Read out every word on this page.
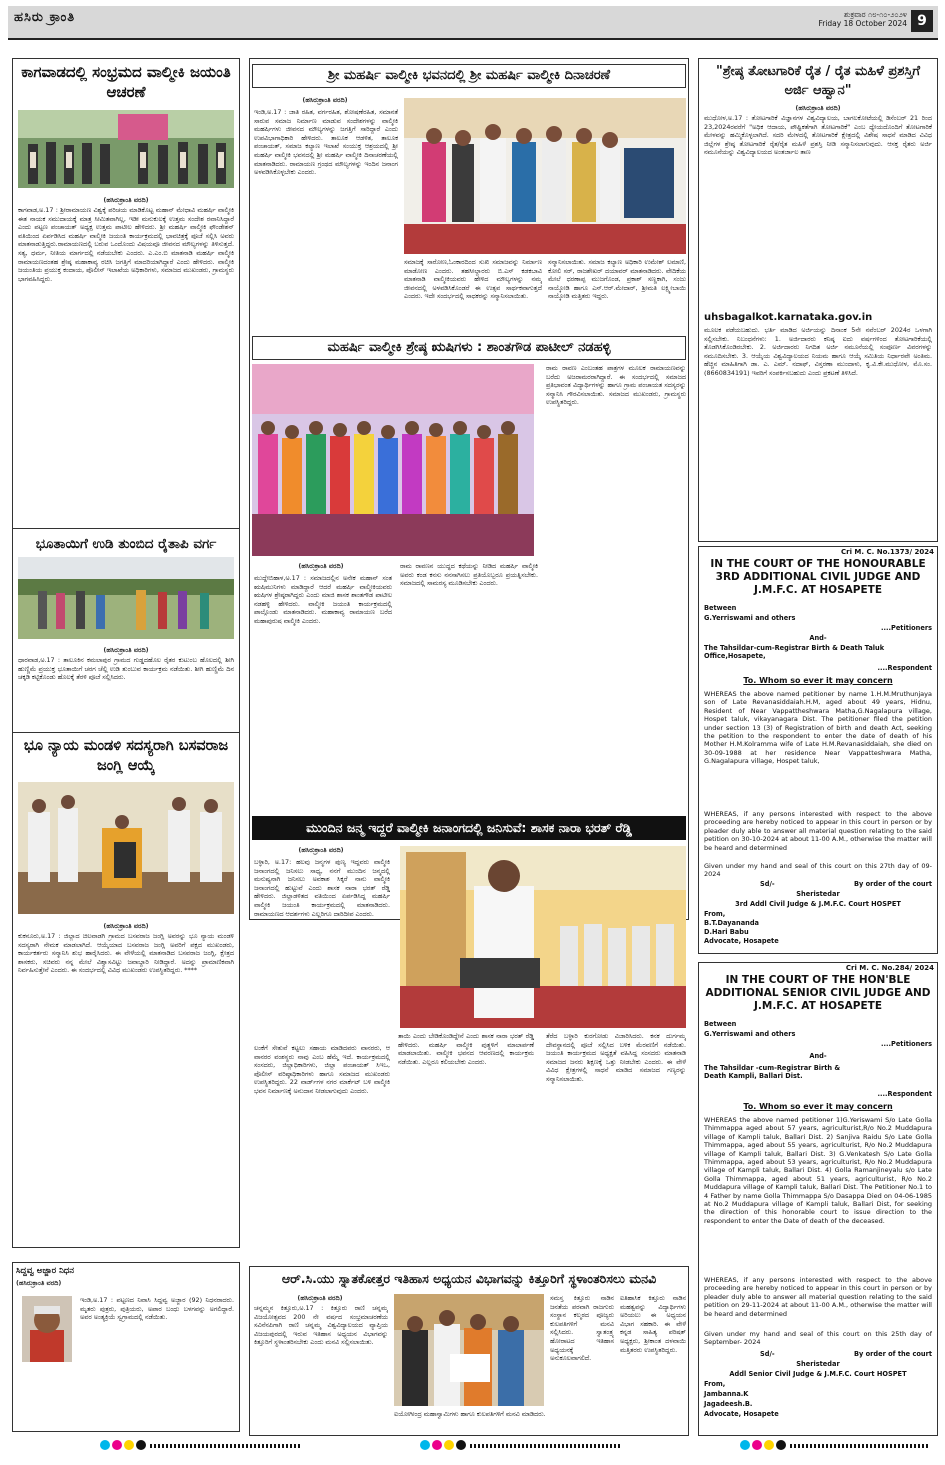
ಹಸಿರು ಕ್ರಾಂತಿ	ಶುಕ್ರವಾರ ೧೮-೧೦-೨೦೨೪
Friday 18 October 2024 9
ಕಾಗವಾಡದಲ್ಲಿ ಸಂಭ್ರಮದ ವಾಲ್ಮೀಕಿ ಜಯಂತಿ ಆಚರಣೆ
(ಹಸಿರುಕ್ರಾಂತಿ ವರದಿ)
ಕಾಗವಾಡ,ಅ.17 : ಶ್ರೀರಾಮಾಯಣ ವಿಶ್ವಕ್ಕೆ ಪರಿಚಯ ಮಾಡಿಕೊಟ್ಟ ಮಹಾನ್ ಮೇಧಾವಿ ಮಹರ್ಷಿ ವಾಲ್ಮೀಕಿ ಈತ ನಾಯಕ ಸಮುದಾಯಕ್ಕೆ ಮಾತ್ರ ಸೀಮಿತವಾಗಿಲ್ಲ, ಇಡೀ ಮನುಕುಲಕ್ಕೆ ಉತ್ತಮ ಸಂದೇಶ ರವಾನಿಸಿದ್ದಾರೆ ಎಂದು ಪಟ್ಟಣ ಪಂಚಾಯತ್ ಅಧ್ಯಕ್ಷ ಉತ್ತಮ ಪಾಟೀಲ ಹೇಳಿದರು. ಶ್ರೀ ಮಹರ್ಷಿ ವಾಲ್ಮೀಕಿ ಫೌಂಡೇಶನ್ ವತಿಯಿಂದ ಏರ್ಪಡಿಸಿದ ಮಹರ್ಷಿ ವಾಲ್ಮೀಕಿ ಜಯಂತಿ ಕಾರ್ಯಕ್ರಮದಲ್ಲಿ ಭಾವಚಿತ್ರಕ್ಕೆ ಪೂಜೆ ಸಲ್ಲಿಸಿ ಅವರು ಮಾತನಾಡುತ್ತಿದ್ದರು.ರಾಮಾಯಣದಲ್ಲಿ ಬರುವ ಒಂದೊಂದು ವಿಷಯವೂ ಜೀವನದ ಮೌಲ್ಯಗಳನ್ನು ತಿಳಿಸುತ್ತದೆ. ಸತ್ಯ, ಧರ್ಮ, ನೀತಿಯ ಮಾರ್ಗದಲ್ಲಿ ನಡೆಯಬೇಕು ಎಂದರು. ಎ.ಎಂ.ಬಿ ಮಾತನಾಡಿ ಮಹರ್ಷಿ ವಾಲ್ಮೀಕಿ ರಾಮಾಯಣದಂತಹ ಶ್ರೇಷ್ಠ ಮಹಾಕಾವ್ಯ ರಚಿಸಿ ಜಗತ್ತಿಗೆ ಮಾದರಿಯಾಗಿದ್ದಾರೆ ಎಂದು ಹೇಳಿದರು. ವಾಲ್ಮೀಕಿ ಜಯಂತಿಯ ಪ್ರಯುಕ್ತ ಕಂದಾಯ, ಪೊಲೀಸ್ ಇಲಾಖೆಯ ಅಧಿಕಾರಿಗಳು, ಸಮಾಜದ ಮುಖಂಡರು, ಗ್ರಾಮಸ್ಥರು ಭಾಗವಹಿಸಿದ್ದರು.
ಭೂತಾಯಿಗೆ ಉಡಿ ತುಂಬಿದ ರೈತಾಪಿ ವರ್ಗ
(ಹಸಿರುಕ್ರಾಂತಿ ವರದಿ)
ಧಾರವಾಡ,ಅ.17 : ತಾಲೂಕಿನ ಕಮಲಾಪುರ ಗ್ರಾಮದ ಗುಡ್ಡದಹೊಲ ರೈತರ ಕುಟುಂಬ ಹೊಲದಲ್ಲಿ ಶೀಗಿ ಹುಣ್ಣಿಮೆ ಪ್ರಯುಕ್ತ ಭೂತಾಯಿಗೆ ಚರಗ ಚೆಲ್ಲಿ ಉಡಿ ತುಂಬುವ ಕಾರ್ಯಕ್ರಮ ನಡೆಯಿತು. ಶೀಗಿ ಹುಣ್ಣಿಮೆ ದಿನ ಚಕ್ಕಡಿ ಕಟ್ಟಿಕೊಂಡು ಹೊಲಕ್ಕೆ ತೆರಳಿ ಪೂಜೆ ಸಲ್ಲಿಸಿದರು.
ಭೂ ನ್ಯಾಯ ಮಂಡಳಿ ಸದಸ್ಯರಾಗಿ ಬಸವರಾಜ ಜಂಗ್ಲಿ ಆಯ್ಕೆ
(ಹಸಿರುಕ್ರಾಂತಿ ವರದಿ)
ಕುಕನೂರು,ಅ.17 : ಜಿಲ್ಲಾದ ಚಿಲವಾಡಗಿ ಗ್ರಾಮದ ಬಸವರಾಜ ಜಂಗ್ಲಿ ಅವರನ್ನು ಭೂ ನ್ಯಾಯ ಮಂಡಳಿ ಸದಸ್ಯರಾಗಿ ನೇಮಕ ಮಾಡಲಾಗಿದೆ. ಆಯ್ಕೆಯಾದ ಬಸವರಾಜ ಜಂಗ್ಲಿ ಅವರಿಗೆ ಪಕ್ಷದ ಮುಖಂಡರು, ಕಾರ್ಯಕರ್ತರು ಸನ್ಮಾನಿಸಿ ಶುಭ ಹಾರೈಸಿದರು. ಈ ವೇಳೆಯಲ್ಲಿ ಮಾತನಾಡಿದ ಬಸವರಾಜ ಜಂಗ್ಲಿ, ಕ್ಷೇತ್ರದ ಶಾಸಕರು, ಸಚಿವರು ನನ್ನ ಮೇಲೆ ವಿಶ್ವಾಸವಿಟ್ಟು ಜವಾಬ್ದಾರಿ ನೀಡಿದ್ದಾರೆ. ಅದನ್ನು ಪ್ರಾಮಾಣಿಕವಾಗಿ ನಿರ್ವಹಿಸುತ್ತೇನೆ ಎಂದರು. ಈ ಸಂದರ್ಭದಲ್ಲಿ ವಿವಿಧ ಮುಖಂಡರು ಉಪಸ್ಥಿತರಿದ್ದರು. ****
ಸಿದ್ದವ್ವ ಅಜ್ಜಾರ ನಿಧನ
(ಹಸಿರುಕ್ರಾಂತಿ ವರದಿ)
ಇಂಡಿ,ಅ.17 : ಪಟ್ಟಣದ ನಿವಾಸಿ ಸಿದ್ದವ್ವ ಅಜ್ಜಾರ (92) ನಿಧನರಾದರು. ಮೃತರು ಪುತ್ರರು, ಪುತ್ರಿಯರು, ಅಪಾರ ಬಂಧು ಬಳಗವನ್ನು ಅಗಲಿದ್ದಾರೆ. ಅವರ ಅಂತ್ಯಕ್ರಿಯೆ ಸ್ವಗ್ರಾಮದಲ್ಲಿ ನಡೆಯಿತು.
ಶ್ರೀ ಮಹರ್ಷಿ ವಾಲ್ಮೀಕಿ ಭವನದಲ್ಲಿ ಶ್ರೀ ಮಹರ್ಷಿ ವಾಲ್ಮೀಕಿ ದಿನಾಚರಣೆ
(ಹಸಿರುಕ್ರಾಂತಿ ವರದಿ)
ಇಂಡಿ,ಅ.17 : ಜಾತಿ ರಹಿತ, ವರ್ಗರಹಿತ, ಶೋಷಣೆರಹಿತ, ಸಮಾನತೆ ಸಾರುವ ಸಮಾಜ ನಿರ್ಮಾಣ ಮಾಡುವ ಸಂದೇಶಗಳನ್ನು ವಾಲ್ಮೀಕಿ ಮಹರ್ಷಿಗಳು ಜೀವನದ ಮೌಲ್ಯಗಳನ್ನು ಜಗತ್ತಿಗೆ ಸಾರಿದ್ದಾರೆ ಎಂದು ಉಪವಿಭಾಗಾಧಿಕಾರಿ ಹೇಳಿದರು. ತಾಲೂಕ ಆಡಳಿತ, ತಾಲೂಕ ಪಂಚಾಯತ್, ಸಮಾಜ ಕಲ್ಯಾಣ ಇಲಾಖೆ ಸಂಯುಕ್ತ ಆಶ್ರಯದಲ್ಲಿ ಶ್ರೀ ಮಹರ್ಷಿ ವಾಲ್ಮೀಕಿ ಭವನದಲ್ಲಿ ಶ್ರೀ ಮಹರ್ಷಿ ವಾಲ್ಮೀಕಿ ದಿನಾಚರಣೆಯಲ್ಲಿ ಮಾತನಾಡಿದರು. ರಾಮಾಯಣ ಗ್ರಂಥದ ಮೌಲ್ಯಗಳನ್ನು ಇಂದಿನ ಜನಾಂಗ ಅಳವಡಿಸಿಕೊಳ್ಳಬೇಕು ಎಂದರು.
ಸಮಾಜಕ್ಕೆ ಸಾರೋಣ,ಓಂಕಾರದಿಂದ ಸುಖಿ ಸಮಾಜವನ್ನು ನಿರ್ಮಾಣ ಮಾಡೋಣ ಎಂದರು. ತಹಸೀಲ್ದಾರರು ಬಿ.ಎಸ್ ಕಡಕಬಾವಿ ಮಾತನಾಡಿ ವಾಲ್ಮೀಕಿಯವರು ಹೇಳಿದ ಮೌಲ್ಯಗಳನ್ನು ನಮ್ಮ ಜೀವನದಲ್ಲಿ ಅಳವಡಿಸಿಕೊಂಡರೆ ಈ ಉತ್ಸವ ಸಾರ್ಥಕವಾಗುತ್ತದೆ ಎಂದರು. ಇದೇ ಸಂದರ್ಭದಲ್ಲಿ ಸಾಧಕರನ್ನು ಸನ್ಮಾನಿಸಲಾಯಿತು.
ಸನ್ಮಾನಿಸಲಾಯಿತು. ಸಮಾಜ ಕಲ್ಯಾಣ ಅಧಿಕಾರಿ ಉಮೇಶ್ ಲಮಾಣಿ, ಕೋಲಿ ಸರ್, ರಾಜಶೇಖರ್ ದಯಾವರ್ ಮಾತನಾಡಿದರು. ವೇದಿಕೆಯ ಮೇಲೆ ಧರಣಾಪ್ಪ ಮುಜಗೊಂಡ, ಪ್ರಕಾಶ್ ಸಣ್ಣಕಾಗಿ, ಸಂಜು ನಾಯ್ಕೋಡಿ ಹಾಗೂ ಎಸ್.ಆರ್.ಮೇದಾರ್, ಶ್ರೀಮತಿ ಲಕ್ಷ್ಮೀಬಾಯಿ ನಾಯ್ಕೋಡಿ ಮತ್ತಿತರು ಇದ್ದರು.
ಮಹರ್ಷಿ ವಾಲ್ಮೀಕಿ ಶ್ರೇಷ್ಠ ಋಷಿಗಳು : ಶಾಂತಗೌಡ ಪಾಟೀಲ್ ನಡಹಳ್ಳಿ
ರಾಮ ರಾವಣ ಎಂಬಂತಹ ಪಾತ್ರಗಳ ಮೂಲಕ ರಾಮಾಯಣವನ್ನು ಬರೆದು ಅಜರಾಮರರಾಗಿದ್ದಾರೆ. ಈ ಸಂದರ್ಭದಲ್ಲಿ ಸಮಾಜದ ಪ್ರತಿಭಾವಂತ ವಿದ್ಯಾರ್ಥಿಗಳನ್ನು ಹಾಗೂ ಗ್ರಾಮ ಪಂಚಾಯತ ಸದಸ್ಯರನ್ನು ಸನ್ಮಾನಿಸಿ ಗೌರವಿಸಲಾಯಿತು. ಸಮಾಜದ ಮುಖಂಡರು, ಗ್ರಾಮಸ್ಥರು ಉಪಸ್ಥಿತರಿದ್ದರು.
(ಹಸಿರುಕ್ರಾಂತಿ ವರದಿ)
ಮುದ್ದೇಬಿಹಾಳ,ಅ.17 : ಸಮಾಜದಲ್ಲಿನ ಅನೇಕ ಮಹಾನ್ ಸಂತ ಋಷಿಮುನಿಗಳು ಮಾಡಿದ್ದಾರೆ ಆದರೆ ಮಹರ್ಷಿ ವಾಲ್ಮೀಕಿಯವರು ಋಷಿಗಳ ಶ್ರೇಷ್ಠರಾಗಿದ್ದರು ಎಂದು ಮಾಜಿ ಶಾಸಕ ಶಾಂತಗೌಡ ಪಾಟೀಲ ನಡಹಳ್ಳಿ ಹೇಳಿದರು. ವಾಲ್ಮೀಕಿ ಜಯಂತಿ ಕಾರ್ಯಕ್ರಮದಲ್ಲಿ ಪಾಲ್ಗೊಂಡು ಮಾತನಾಡಿದರು. ಮಹಾಕಾವ್ಯ ರಾಮಾಯಣ ಬರೆದ ಮಹಾಪುರುಷ ವಾಲ್ಮೀಕಿ ಎಂದರು.
ರಾಮ ರಾವಣನ ಯುದ್ಧದ ಕಥೆಯನ್ನು ನೀಡಿದ ಮಹರ್ಷಿ ವಾಲ್ಮೀಕಿ ಅವರು ಕಂಡ ಕನಸು ನನಸಾಗಿಸಲು ಪ್ರತಿಯೊಬ್ಬರೂ ಪ್ರಯತ್ನಿಸಬೇಕು. ಸಮಾಜದಲ್ಲಿ ಸಾಮರಸ್ಯ ಮೂಡಿಸಬೇಕು ಎಂದರು.
ಮುಂದಿನ ಜನ್ಮ ಇದ್ದರೆ ವಾಲ್ಮೀಕಿ ಜನಾಂಗದಲ್ಲಿ ಜನಿಸುವೆ: ಶಾಸಕ ನಾರಾ ಭರತ್ ರೆಡ್ಡಿ
(ಹಸಿರುಕ್ರಾಂತಿ ವರದಿ)
ಬಳ್ಳಾರಿ, ಅ.17: ಹಲವು ಜನ್ಮಗಳ ಪುಣ್ಯ ಇದ್ದವರು ವಾಲ್ಮೀಕಿ ಜನಾಂಗದಲ್ಲಿ ಜನಿಸಲು ಸಾಧ್ಯ, ನನಗೆ ಮುಂದಿನ ಜನ್ಮದಲ್ಲಿ ಮನುಷ್ಯನಾಗಿ ಜನಿಸಲು ಅವಕಾಶ ಸಿಕ್ಕರೆ ನಾನು ವಾಲ್ಮೀಕಿ ಜನಾಂಗದಲ್ಲಿ ಹುಟ್ಟುವೆ ಎಂದು ಶಾಸಕ ನಾರಾ ಭರತ್ ರೆಡ್ಡಿ ಹೇಳಿದರು. ಜಿಲ್ಲಾಡಳಿತದ ವತಿಯಿಂದ ಏರ್ಪಡಿಸಿದ್ದ ಮಹರ್ಷಿ ವಾಲ್ಮೀಕಿ ಜಯಂತಿ ಕಾರ್ಯಕ್ರಮದಲ್ಲಿ ಮಾತನಾಡಿದರು. ರಾಮಾಯಣದ ಆದರ್ಶಗಳು ಎಲ್ಲರಿಗೂ ದಾರಿದೀಪ ಎಂದರು.
ಲಂಕೆಗೆ ಸೇತುವೆ ಕಟ್ಟಲು ಸಹಾಯ ಮಾಡಿದವರು ವಾನರರು, ಆ ವಾನರರ ವಂಶಸ್ಥರು ನಾವು ಎಂಬ ಹೆಮ್ಮೆ ಇದೆ. ಕಾರ್ಯಕ್ರಮದಲ್ಲಿ ಸಂಸದರು, ಜಿಲ್ಲಾಧಿಕಾರಿಗಳು, ಜಿಲ್ಲಾ ಪಂಚಾಯತ್ ಸಿಇಒ, ಪೊಲೀಸ್ ವರಿಷ್ಠಾಧಿಕಾರಿಗಳು ಹಾಗೂ ಸಮಾಜದ ಮುಖಂಡರು ಉಪಸ್ಥಿತರಿದ್ದರು. 22 ವಾರ್ಡ್‌ಗಳ ನಗರ ಮಾರ್ಕೆಟ್ ಬಳಿ ವಾಲ್ಮೀಕಿ ಭವನ ನಿರ್ಮಾಣಕ್ಕೆ ಅನುದಾನ ನೀಡಲಾಗುವುದು ಎಂದರು.
ತಾಯಿ ಎಂದು ಬೇಡಿಕೊಂಡಿದ್ದೇನೆ ಎಂದು ಶಾಸಕ ನಾರಾ ಭರತ್ ರೆಡ್ಡಿ ಹೇಳಿದರು. ಮಹರ್ಷಿ ವಾಲ್ಮೀಕಿ ಪುತ್ಥಳಿಗೆ ಮಾಲಾರ್ಪಣೆ ಮಾಡಲಾಯಿತು. ವಾಲ್ಮೀಕಿ ಭವನದ ಆವರಣದಲ್ಲಿ ಕಾರ್ಯಕ್ರಮ ನಡೆಯಿತು. ಎಲ್ಲರೂ ಕಲಿಯಬೇಕು ಎಂದರು.
ತೆರೆದ ಬಳ್ಳಾರಿ ಕುರಗೋಡು ವಿಜಾರಿಸಿದರು. ಕನಕ ದುರ್ಗಮ್ಮ ದೇವಸ್ಥಾನದಲ್ಲಿ ಪೂಜೆ ಸಲ್ಲಿಸಿದ ಬಳಿಕ ಮೆರವಣಿಗೆ ನಡೆಯಿತು. ಜಯಂತಿ ಕಾರ್ಯಕ್ರಮದ ಅಧ್ಯಕ್ಷತೆ ವಹಿಸಿದ್ದ ಸಂಸದರು ಮಾತನಾಡಿ ಸಮಾಜದ ಜನರು ಶಿಕ್ಷಣಕ್ಕೆ ಒತ್ತು ನೀಡಬೇಕು ಎಂದರು. ಈ ವೇಳೆ ವಿವಿಧ ಕ್ಷೇತ್ರಗಳಲ್ಲಿ ಸಾಧನೆ ಮಾಡಿದ ಸಮಾಜದ ಗಣ್ಯರನ್ನು ಸನ್ಮಾನಿಸಲಾಯಿತು.
ಆರ್.ಸಿ.ಯು ಸ್ನಾತಕೋತ್ತರ ಇತಿಹಾಸ ಅಧ್ಯಯನ ವಿಭಾಗವನ್ನು ಕಿತ್ತೂರಿಗೆ ಸ್ಥಳಾಂತರಿಸಲು ಮನವಿ
(ಹಸಿರುಕ್ರಾಂತಿ ವರದಿ)
ಚನ್ನಮ್ಮನ ಕಿತ್ತೂರು,ಅ.17 : ಕಿತ್ತೂರು ರಾಣಿ ಚನ್ನಮ್ಮ ವಿಜಯೋತ್ಸವದ 200 ನೇ ವರ್ಷದ ಸಂಭ್ರಮಾಚರಣೆಯ ಸವಿನೆನಪಿಗಾಗಿ ರಾಣಿ ಚನ್ನಮ್ಮ ವಿಶ್ವವಿದ್ಯಾಲಯದ ವ್ಯಾಪ್ತಿಯ ವಿಜಯಪುರದಲ್ಲಿ ಇರುವ ಇತಿಹಾಸ ಅಧ್ಯಯನ ವಿಭಾಗವನ್ನು ಕಿತ್ತೂರಿಗೆ ಸ್ಥಳಾಂತರಿಸಬೇಕು ಎಂದು ಮನವಿ ಸಲ್ಲಿಸಲಾಯಿತು.
ಐಯೋಗೀಂದ್ರ ಮಹಾಸ್ವಾಮಿಗಳು ಹಾಗೂ ಕುಲಪತಿಗಳಿಗೆ ಮನವಿ ಮಾಡಿದರು.
ಸಮಸ್ತ ಕಿತ್ತೂರು ನಾಡಿನ ಜನತೆಯ ಪರವಾಗಿ ರಾಜಗುರು ಸಂಸ್ಥಾನ ಕಲ್ಮಠದ ಪೂಜ್ಯರು ಕುಲಪತಿಗಳಿಗೆ ಮನವಿ ಸಲ್ಲಿಸಿದರು. ಸ್ವಾತಂತ್ರ್ಯ ಹೋರಾಟದ ಇತಿಹಾಸ ಅಧ್ಯಯನಕ್ಕೆ ಅನುಕೂಲವಾಗಲಿದೆ.
ಐತಿಹಾಸಿಕ ಕಿತ್ತೂರು ನಾಡಿನ ಮಹತ್ವವನ್ನು ವಿದ್ಯಾರ್ಥಿಗಳು ಅರಿಯಲು ಈ ಅಧ್ಯಯನ ವಿಭಾಗ ಸಹಕಾರಿ. ಈ ವೇಳೆ ಕನ್ನಡ ಸಾಹಿತ್ಯ ಪರಿಷತ್ ಅಧ್ಯಕ್ಷರು, ಶ್ರೀಕಾಂತ ದಳವಾಯಿ ಮತ್ತಿತರರು ಉಪಸ್ಥಿತರಿದ್ದರು.
"ಶ್ರೇಷ್ಠ ತೋಟಗಾರಿಕೆ ರೈತ / ರೈತ ಮಹಿಳೆ ಪ್ರಶಸ್ತಿಗೆ ಅರ್ಜಿ ಆಹ್ವಾನ"
(ಹಸಿರುಕ್ರಾಂತಿ ವರದಿ)
ಮುಧೋಳ,ಅ.17 : ತೋಟಗಾರಿಕೆ ವಿಜ್ಞಾನಗಳ ವಿಶ್ವವಿದ್ಯಾಲಯ, ಬಾಗಲಕೋಟೆಯಲ್ಲಿ ಡಿಸೆಂಬರ್ 21 ರಿಂದ 23,2024ರವರೆಗೆ "ಅಧಿಕ ಆದಾಯ, ಪೌಷ್ಟಿಕತೆಗಾಗಿ ತೋಟಗಾರಿಕೆ" ಎಂಬ ಧ್ಯೇಯದೊಂದಿಗೆ ತೋಟಗಾರಿಕೆ ಮೇಳವನ್ನು ಹಮ್ಮಿಕೊಳ್ಳಲಾಗಿದೆ. ಸದರಿ ಮೇಳದಲ್ಲಿ ತೋಟಗಾರಿಕೆ ಕ್ಷೇತ್ರದಲ್ಲಿ ವಿಶೇಷ ಸಾಧನೆ ಮಾಡಿದ ವಿವಿಧ ಜಿಲ್ಲೆಗಳ ಶ್ರೇಷ್ಠ ತೋಟಗಾರಿಕೆ ರೈತ/ರೈತ ಮಹಿಳೆ ಪ್ರಶಸ್ತಿ ನೀಡಿ ಸನ್ಮಾನಿಸಲಾಗುವುದು. ಆಸಕ್ತ ರೈತರು ಅರ್ಜಿ ನಮೂನೆಯನ್ನು ವಿಶ್ವವಿದ್ಯಾಲಯದ ಅಂತರ್ಜಾಲ ತಾಣ
uhsbagalkot.karnataka.gov.in
ಮೂಲಕ ಪಡೆಯಬಹುದು. ಭರ್ತಿ ಮಾಡಿದ ಅರ್ಜಿಯನ್ನು ದಿನಾಂಕ 5ನೇ ನವೆಂಬರ್ 2024ರ ಒಳಗಾಗಿ ಸಲ್ಲಿಸಬೇಕು. ನಿಬಂಧನೆಗಳು: 1. ಅರ್ಜಿದಾರರು ಕನಿಷ್ಠ ಐದು ವರ್ಷಗಳಿಂದ ತೋಟಗಾರಿಕೆಯಲ್ಲಿ ತೊಡಗಿಸಿಕೊಂಡಿರಬೇಕು. 2. ಅರ್ಜಿದಾರರು ನಿಗದಿತ ಅರ್ಜಿ ನಮೂನೆಯಲ್ಲಿ ಸಂಪೂರ್ಣ ವಿವರಗಳನ್ನು ನಮೂದಿಸಬೇಕು. 3. ಆಯ್ಕೆಯ ವಿಶ್ವವಿದ್ಯಾಲಯದ ನಿಯಮ ಹಾಗೂ ಆಯ್ಕೆ ಸಮಿತಿಯ ನಿರ್ಧಾರವೇ ಅಂತಿಮ. ಹೆಚ್ಚಿನ ಮಾಹಿತಿಗಾಗಿ ಡಾ. ಎ. ಎಮ್. ನದಾಫ್, ವಿಸ್ತರಣಾ ಮುಂದಾಳು, ಕೃ.ವಿ.ಕೇ.ಮುಧೋಳ, ಮೊ.ಸಂ. (8660834191) ಇವರಿಗೆ ಸಂಪರ್ಕಿಸಬಹುದು ಎಂದು ಪ್ರಕಟಣೆ ತಿಳಿಸಿದೆ.
Cri M. C. No.1373/ 2024
IN THE COURT OF THE HONOURABLE 3RD ADDITIONAL CIVIL JUDGE AND J.M.F.C. AT HOSAPETE
Between
G.Yerriswami and others
....Petitioners
And-
The Tahsildar-cum-Registrar Birth & Death Taluk Office,Hosapete,
....Respondent
To. Whom so ever it may concern
WHEREAS the above named petitioner by name 1.H.M.Mruthunjaya son of Late Revanasiddaiah.H.M, aged about 49 years, Hidnu, Resident of Near Vappattheshwara Matha,G.Nagalapura village, Hospet taluk, vikayanagara Dist. The petitioner filed the petition under section 13 (3) of Registration of birth and death Act, seeking the petition to the respondent to enter the date of death of his Mother H.M.Kolramma wife of Late H.M.Revanasiddaiah, she died on 30-09-1988 at her residence Near Vappatteshwara Matha, G.Nagalapura village, Hospet taluk,
WHEREAS, if any persons interested with respect to the above proceeding are hereby noticed to appear in this court in person or by pleader duly able to answer all material question relating to the said petition on 30-10-2024 at about 11-00 A.M., otherwise the matter will be heard and determined
Given under my hand and seal of this court on this 27th day of 09- 2024
Sd/-	By order of the court
Sheristedar
3rd Addl Civil Judge & J.M.F.C. Court HOSPET
From,
B.T.Dayananda
D.Hari Babu
Advocate, Hosapete
Cri M. C. No.284/ 2024
IN THE COURT OF THE HON'BLE ADDITIONAL SENIOR CIVIL JUDGE AND J.M.F.C. AT HOSAPETE
Between
G.Yerriswami and others
....Petitioners
And-
The Tahsildar -cum-Registrar Birth & Death Kampli, Ballari Dist.
....Respondent
To. Whom so ever it may concern
WHEREAS the above named petitioner 1)G.Yeriswami S/o Late Golla Thimmappa aged about 57 years, agriculturist,R/o No.2 Muddapura village of Kampli taluk, Ballari Dist. 2) Sanjiva Raidu S/o Late Golla Thimmappa, aged about 55 years, agriculturist, R/o No.2 Muddapura village of Kampli taluk, Ballari Dist. 3) G.Venkatesh S/o Late Golla Thimmappa, aged about 53 years, agriculturist, R/o No.2 Muddapura village of Kampli taluk, Ballari Dist. 4) Golla Ramanjineyalu s/o Late Golla Thimmappa, aged about 51 years, agriculturist, R/o No.2 Muddapura village of Kampli taluk, Ballari Dist. The Petitioner No.1 to 4 Father by name Golla Thimmappa S/o Dasappa Died on 04-06-1985 at No.2 Muddapura village of Kampli taluk, Ballari Dist, for seeking the direction of this honorable court to issue direction to the respondent to enter the Date of death of the deceased.
WHEREAS, if any persons interested with respect to the above proceeding are hereby noticed to appear in this court in person or by pleader duly able to answer all material question relating to the said petition on 29-11-2024 at about 11-00 A.M., otherwise the matter will be heard and determined
Given under my hand and seal of this court on this 25th day of September- 2024
Sd/-	By order of the court
Sheristedar
Addl Senior Civil Judge & J.M.F.C. Court HOSPET
From,
Jambanna.K
Jagadeesh.B.
Advocate, Hosapete
